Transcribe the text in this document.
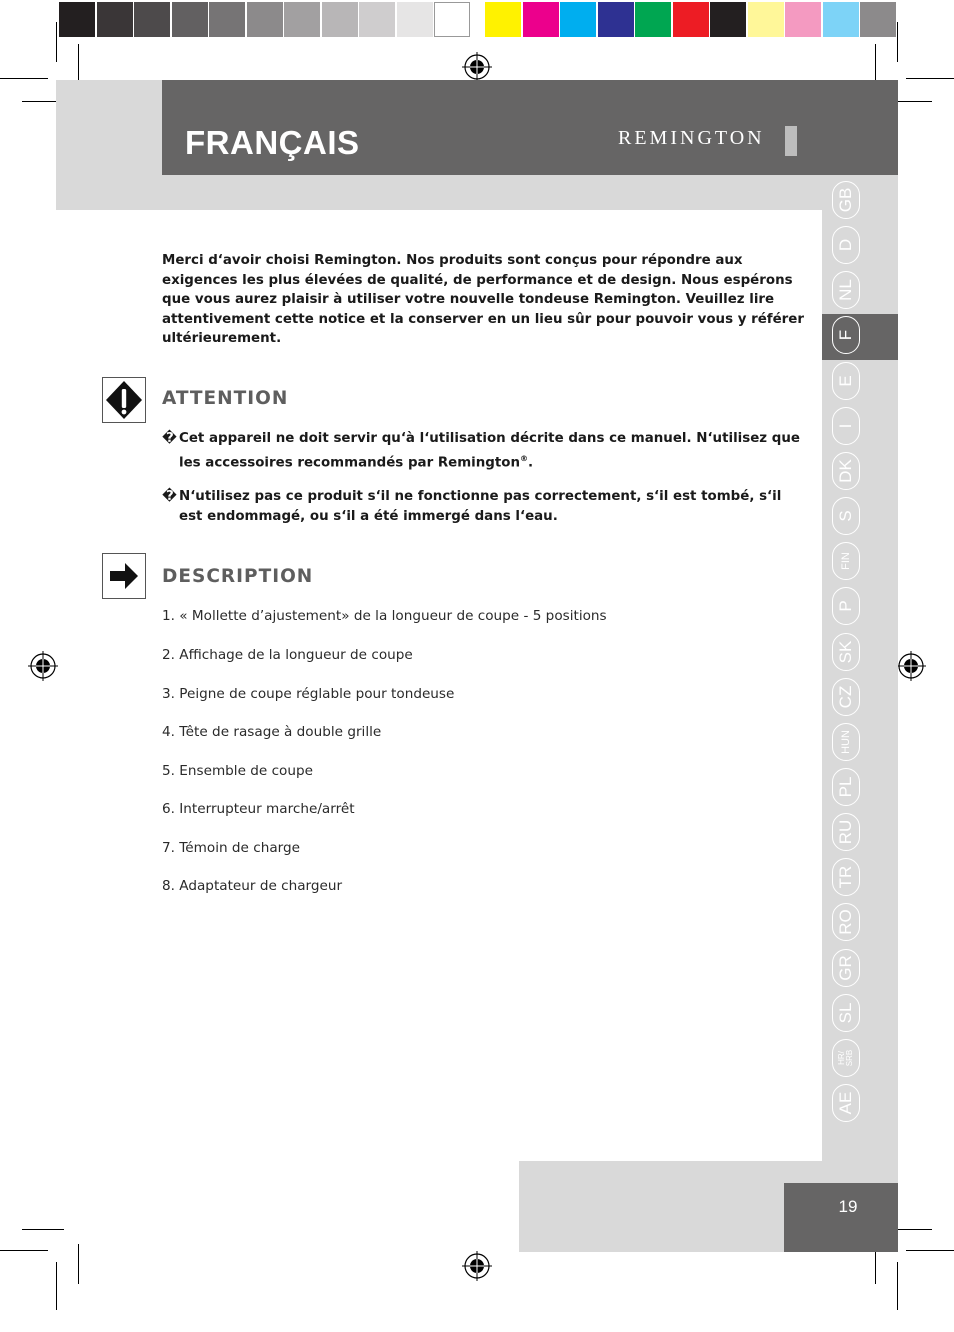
FRANÇAIS	REMINGTON
GB
D
NL
F
E
I
DK
S
FIN
P
SK
CZ
HUN
PL
RU
TR
RO
GR
SL
HR/
SRB
AE
19
Merci d‘avoir choisi Remington. Nos produits sont conçus pour répondre aux exigences les plus élevées de qualité, de performance et de design. Nous espérons que vous aurez plaisir à utiliser votre nouvelle tondeuse Remington. Veuillez lire attentivement cette notice et la conserver en un lieu sûr pour pouvoir vous y référer ultérieurement.
ATTENTION
� Cet appareil ne doit servir qu‘à l‘utilisation décrite dans ce manuel. N‘utilisez que les accessoires recommandés par Remington®.
� N‘utilisez pas ce produit s‘il ne fonctionne pas correctement, s‘il est tombé, s‘il est endommagé, ou s‘il a été immergé dans l‘eau.
DESCRIPTION
1. « Mollette d’ajustement» de la longueur de coupe - 5 positions
2. Affichage de la longueur de coupe
3. Peigne de coupe réglable pour tondeuse
4. Tête de rasage à double grille
5. Ensemble de coupe
6. Interrupteur marche/arrêt
7. Témoin de charge
8. Adaptateur de chargeur
